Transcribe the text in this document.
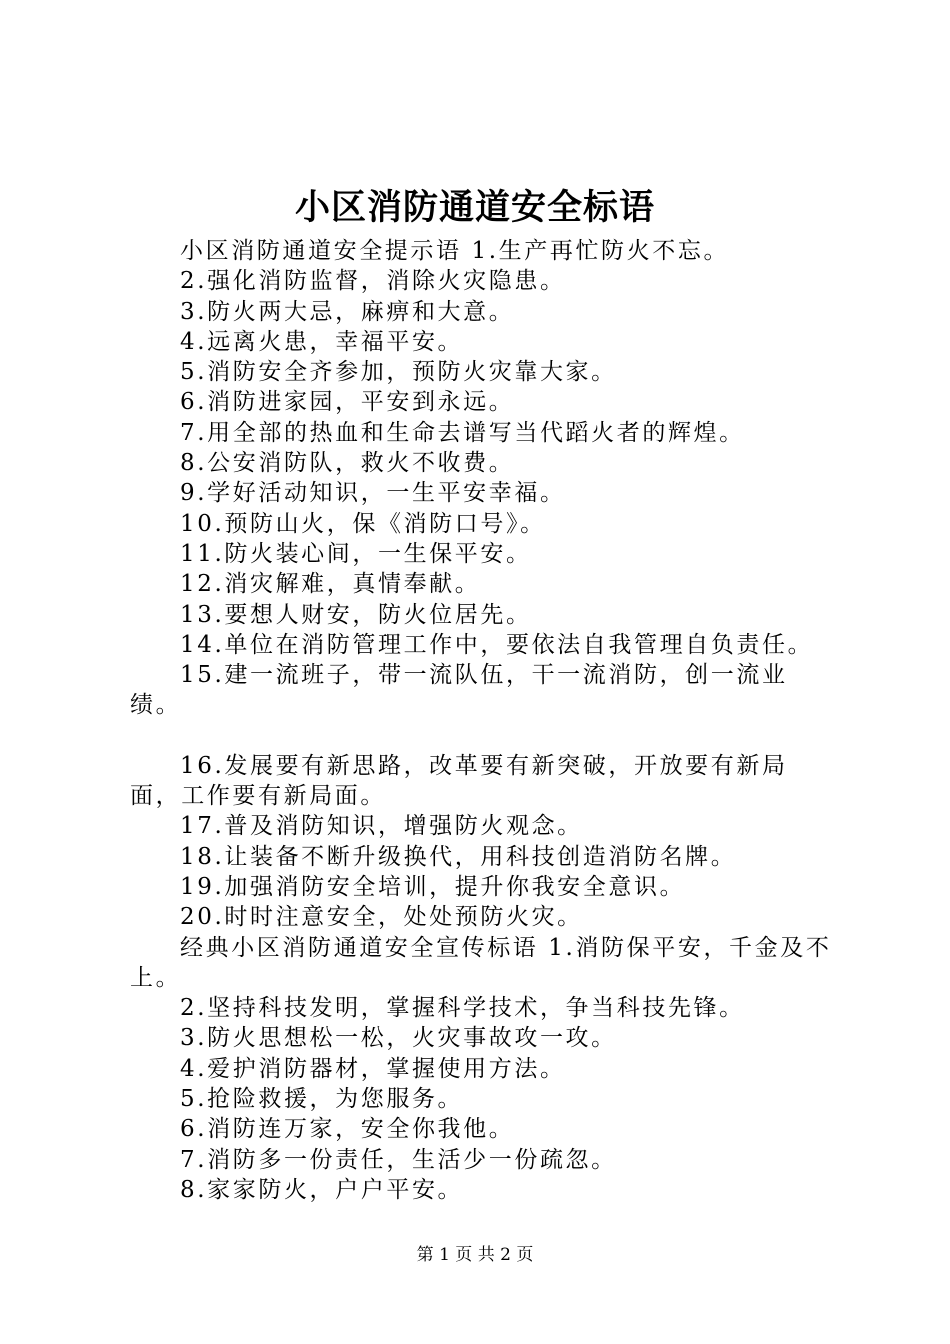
小区消防通道安全标语

小区消防通道安全提示语 1.生产再忙防火不忘。

2.强化消防监督，消除火灾隐患。

3.防火两大忌，麻痹和大意。

4.远离火患，幸福平安。

5.消防安全齐参加，预防火灾靠大家。

6.消防进家园，平安到永远。

7.用全部的热血和生命去谱写当代蹈火者的辉煌。

8.公安消防队，救火不收费。

9.学好活动知识，一生平安幸福。

10.预防山火，保《消防口号》。

11.防火装心间，一生保平安。

12.消灾解难，真情奉献。

13.要想人财安，防火位居先。

14.单位在消防管理工作中，要依法自我管理自负责任。

15.建一流班子，带一流队伍，干一流消防，创一流业绩。

16.发展要有新思路，改革要有新突破，开放要有新局面，工作要有新局面。

17.普及消防知识，增强防火观念。

18.让装备不断升级换代，用科技创造消防名牌。

19.加强消防安全培训，提升你我安全意识。

20.时时注意安全，处处预防火灾。

经典小区消防通道安全宣传标语 1.消防保平安，千金及不上。

2.坚持科技发明，掌握科学技术，争当科技先锋。

3.防火思想松一松，火灾事故攻一攻。

4.爱护消防器材，掌握使用方法。

5.抢险救援，为您服务。

6.消防连万家，安全你我他。

7.消防多一份责任，生活少一份疏忽。

8.家家防火，户户平安。

第 1 页 共 2 页
